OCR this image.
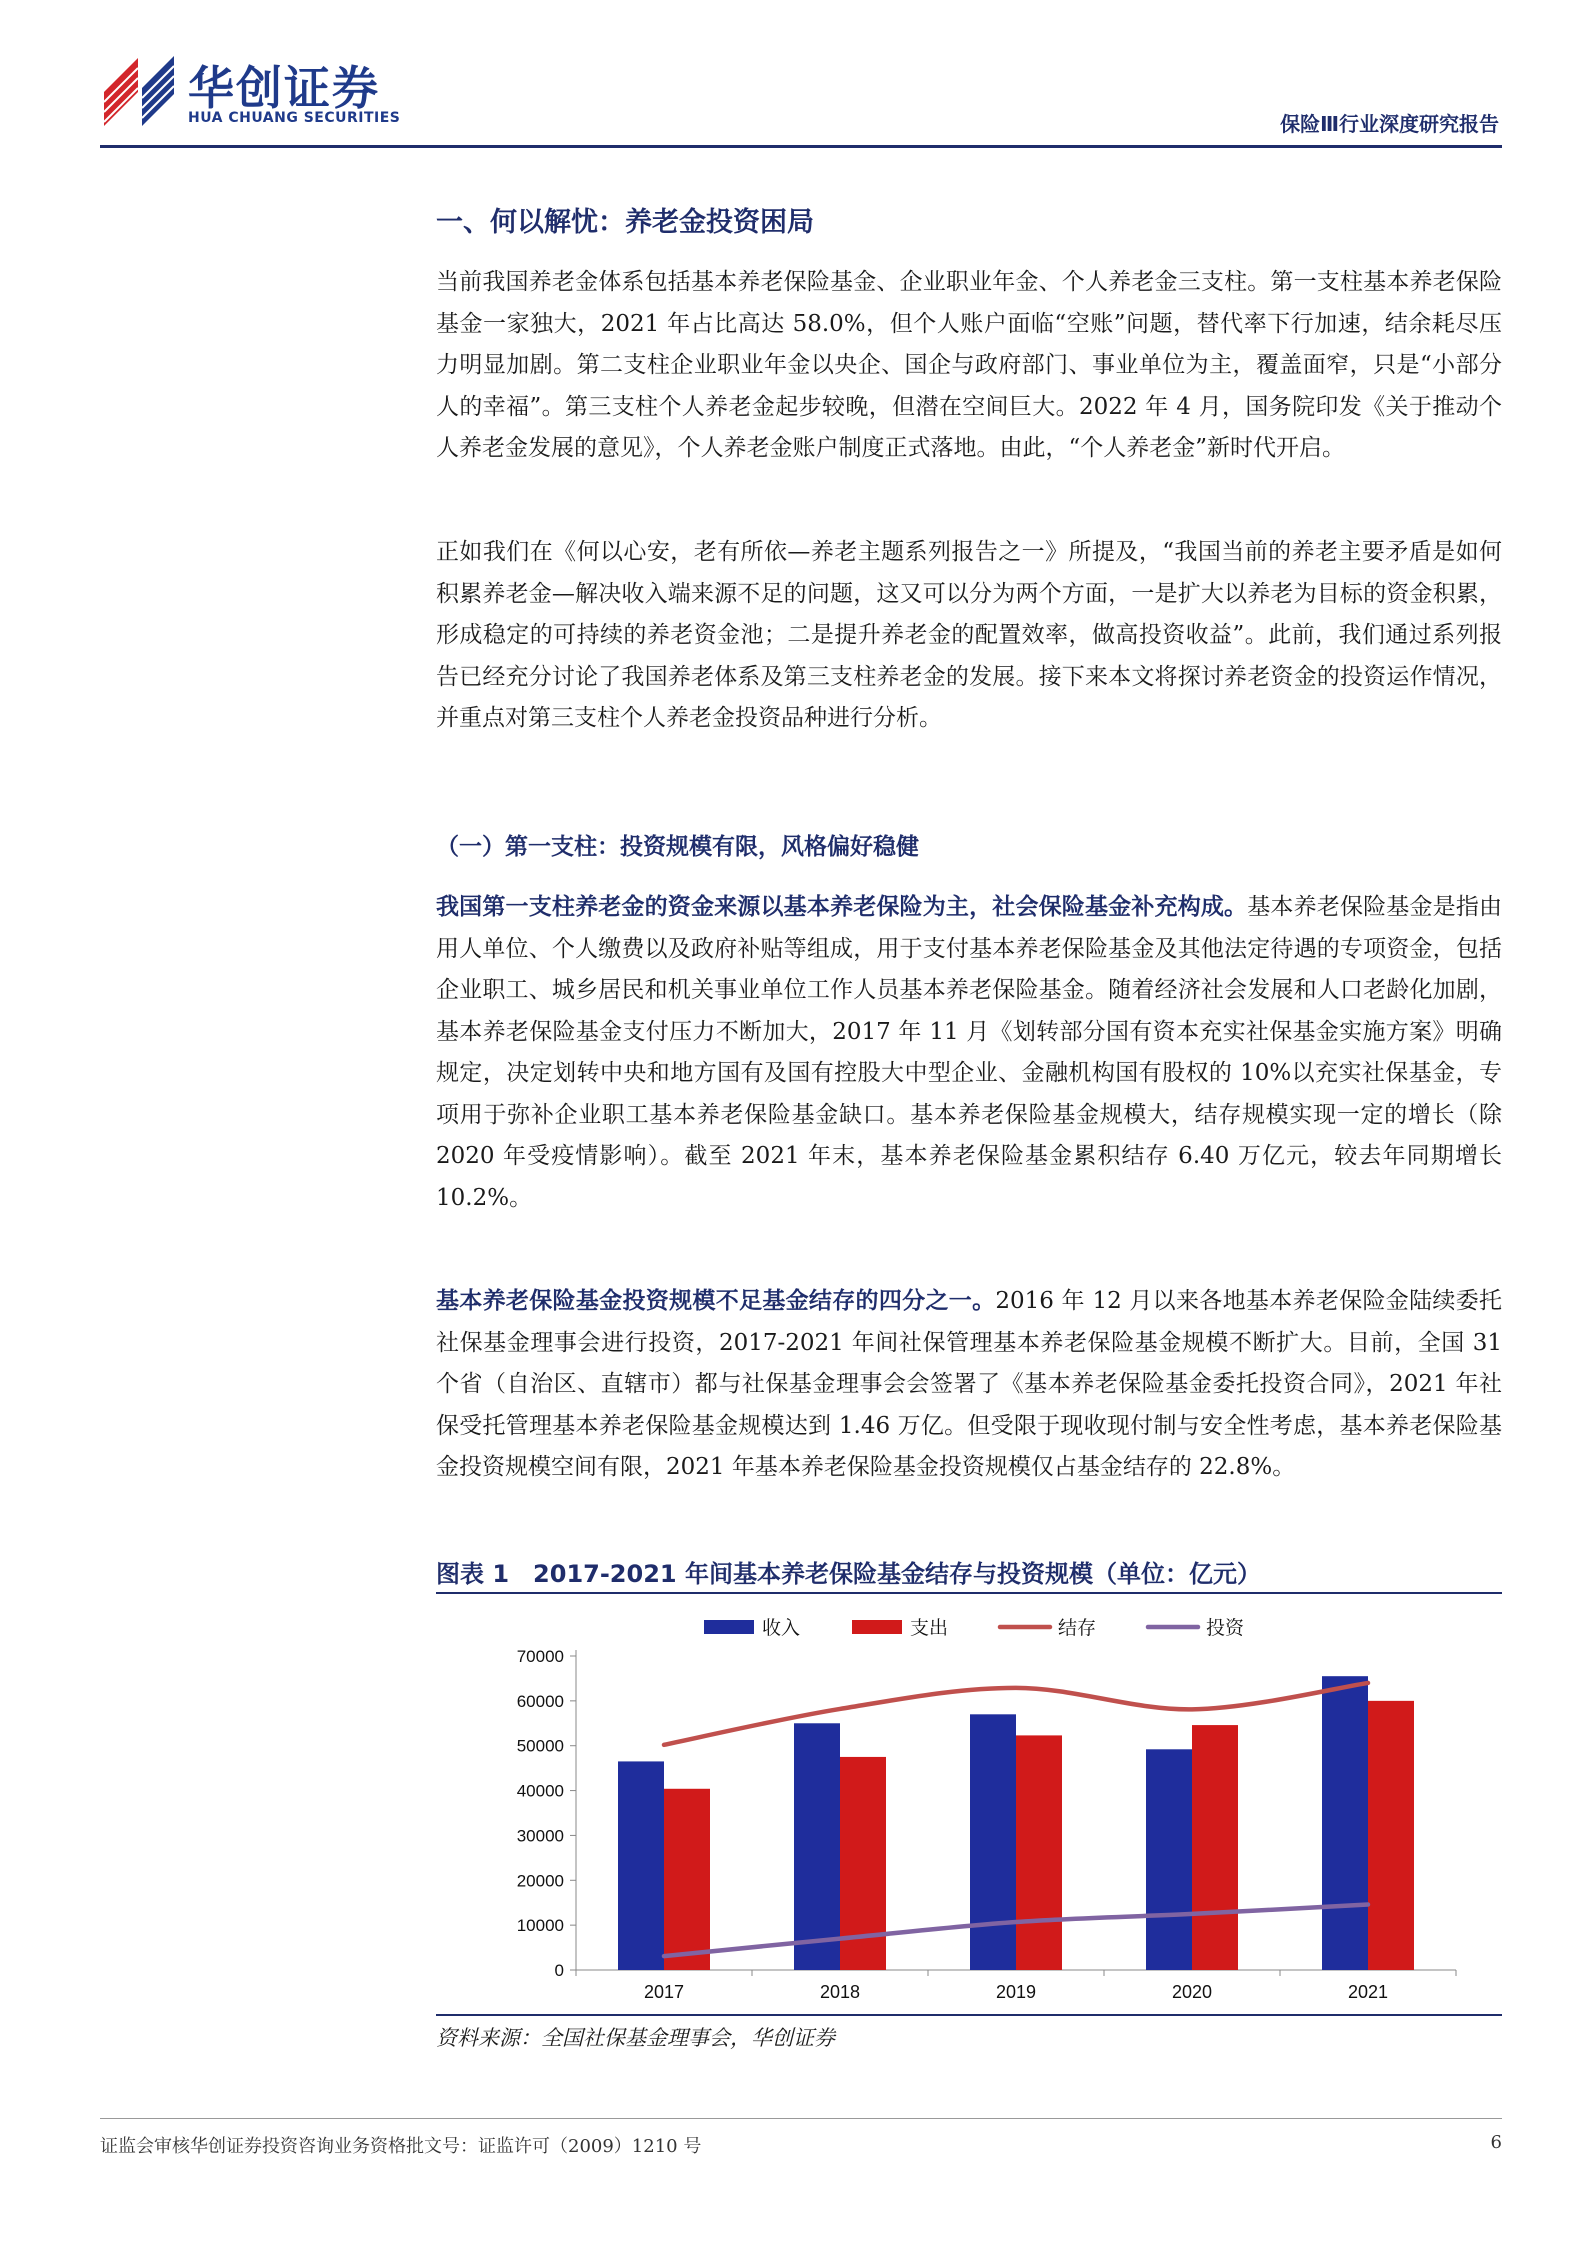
华创证券
HUA CHUANG SECURITIES	保险Ⅲ行业深度研究报告
一、何以解忧：养老金投资困局

当前我国养老金体系包括基本养老保险基金、企业职业年金、个人养老金三支柱。第一支柱基本养老保险基金一家独大，2021 年占比高达 58.0%，但个人账户面临“空账”问题，替代率下行加速，结余耗尽压力明显加剧。第二支柱企业职业年金以央企、国企与政府部门、事业单位为主，覆盖面窄，只是“小部分人的幸福”。第三支柱个人养老金起步较晚，但潜在空间巨大。2022 年 4 月，国务院印发《关于推动个人养老金发展的意见》，个人养老金账户制度正式落地。由此，“个人养老金”新时代开启。

正如我们在《何以心安，老有所依—养老主题系列报告之一》所提及，“我国当前的养老主要矛盾是如何积累养老金—解决收入端来源不足的问题，这又可以分为两个方面，一是扩大以养老为目标的资金积累，形成稳定的可持续的养老资金池；二是提升养老金的配置效率，做高投资收益”。此前，我们通过系列报告已经充分讨论了我国养老体系及第三支柱养老金的发展。接下来本文将探讨养老资金的投资运作情况，并重点对第三支柱个人养老金投资品种进行分析。

（一）第一支柱：投资规模有限，风格偏好稳健

我国第一支柱养老金的资金来源以基本养老保险为主，社会保险基金补充构成。基本养老保险基金是指由用人单位、个人缴费以及政府补贴等组成，用于支付基本养老保险基金及其他法定待遇的专项资金，包括企业职工、城乡居民和机关事业单位工作人员基本养老保险基金。随着经济社会发展和人口老龄化加剧，基本养老保险基金支付压力不断加大，2017 年 11 月《划转部分国有资本充实社保基金实施方案》明确规定，决定划转中央和地方国有及国有控股大中型企业、金融机构国有股权的 10%以充实社保基金，专项用于弥补企业职工基本养老保险基金缺口。基本养老保险基金规模大，结存规模实现一定的增长（除 2020 年受疫情影响）。截至 2021 年末，基本养老保险基金累积结存 6.40 万亿元，较去年同期增长 10.2%。

基本养老保险基金投资规模不足基金结存的四分之一。2016 年 12 月以来各地基本养老保险金陆续委托社保基金理事会进行投资，2017-2021 年间社保管理基本养老保险基金规模不断扩大。目前，全国 31 个省（自治区、直辖市）都与社保基金理事会会签署了《基本养老保险基金委托投资合同》，2021 年社保受托管理基本养老保险基金规模达到 1.46 万亿。但受限于现收现付制与安全性考虑，基本养老保险基金投资规模空间有限，2021 年基本养老保险基金投资规模仅占基金结存的 22.8%。

图表 1　2017-2021 年间基本养老保险基金结存与投资规模（单位：亿元）
收入	支出	结存	投资
0
10000
20000
30000
40000
50000
60000
70000
2017	2018	2019	2020	2021
资料来源：全国社保基金理事会，华创证券
证监会审核华创证券投资咨询业务资格批文号：证监许可（2009）1210 号	6
